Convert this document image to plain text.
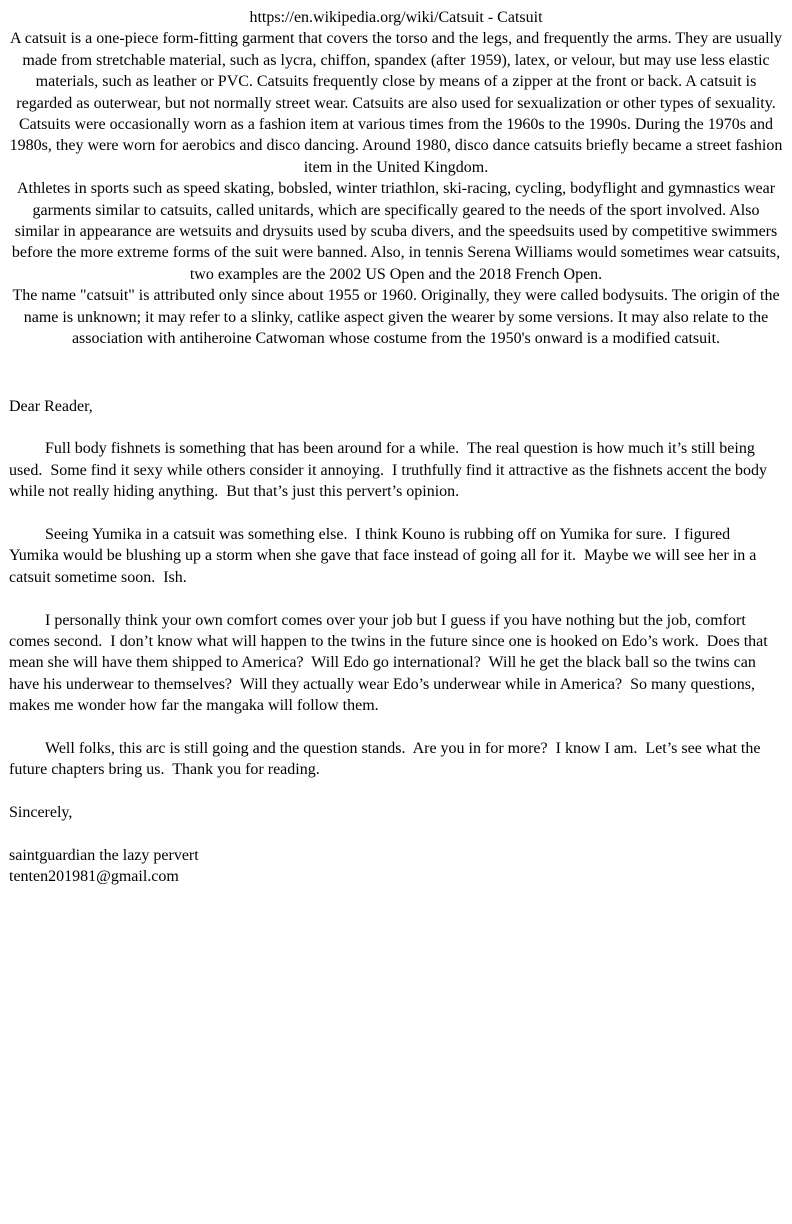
https://en.wikipedia.org/wiki/Catsuit - Catsuit

A catsuit is a one-piece form-fitting garment that covers the torso and the legs, and frequently the arms. They are usually made from stretchable material, such as lycra, chiffon, spandex (after 1959), latex, or velour, but may use less elastic materials, such as leather or PVC. Catsuits frequently close by means of a zipper at the front or back. A catsuit is regarded as outerwear, but not normally street wear. Catsuits are also used for sexualization or other types of sexuality.

Catsuits were occasionally worn as a fashion item at various times from the 1960s to the 1990s. During the 1970s and 1980s, they were worn for aerobics and disco dancing. Around 1980, disco dance catsuits briefly became a street fashion item in the United Kingdom.

Athletes in sports such as speed skating, bobsled, winter triathlon, ski-racing, cycling, bodyflight and gymnastics wear garments similar to catsuits, called unitards, which are specifically geared to the needs of the sport involved. Also similar in appearance are wetsuits and drysuits used by scuba divers, and the speedsuits used by competitive swimmers before the more extreme forms of the suit were banned. Also, in tennis Serena Williams would sometimes wear catsuits, two examples are the 2002 US Open and the 2018 French Open.

The name "catsuit" is attributed only since about 1955 or 1960. Originally, they were called bodysuits. The origin of the name is unknown; it may refer to a slinky, catlike aspect given the wearer by some versions. It may also relate to the association with antiheroine Catwoman whose costume from the 1950's onward is a modified catsuit.

Dear Reader,

Full body fishnets is something that has been around for a while.  The real question is how much it’s still being used.  Some find it sexy while others consider it annoying.  I truthfully find it attractive as the fishnets accent the body while not really hiding anything.  But that’s just this pervert’s opinion.

Seeing Yumika in a catsuit was something else.  I think Kouno is rubbing off on Yumika for sure.  I figured Yumika would be blushing up a storm when she gave that face instead of going all for it.  Maybe we will see her in a catsuit sometime soon.  Ish.

I personally think your own comfort comes over your job but I guess if you have nothing but the job, comfort comes second.  I don’t know what will happen to the twins in the future since one is hooked on Edo’s work.  Does that mean she will have them shipped to America?  Will Edo go international?  Will he get the black ball so the twins can have his underwear to themselves?  Will they actually wear Edo’s underwear while in America?  So many questions, makes me wonder how far the mangaka will follow them.

Well folks, this arc is still going and the question stands.  Are you in for more?  I know I am.  Let’s see what the future chapters bring us.  Thank you for reading.

Sincerely,

saintguardian the lazy pervert

tenten201981@gmail.com
